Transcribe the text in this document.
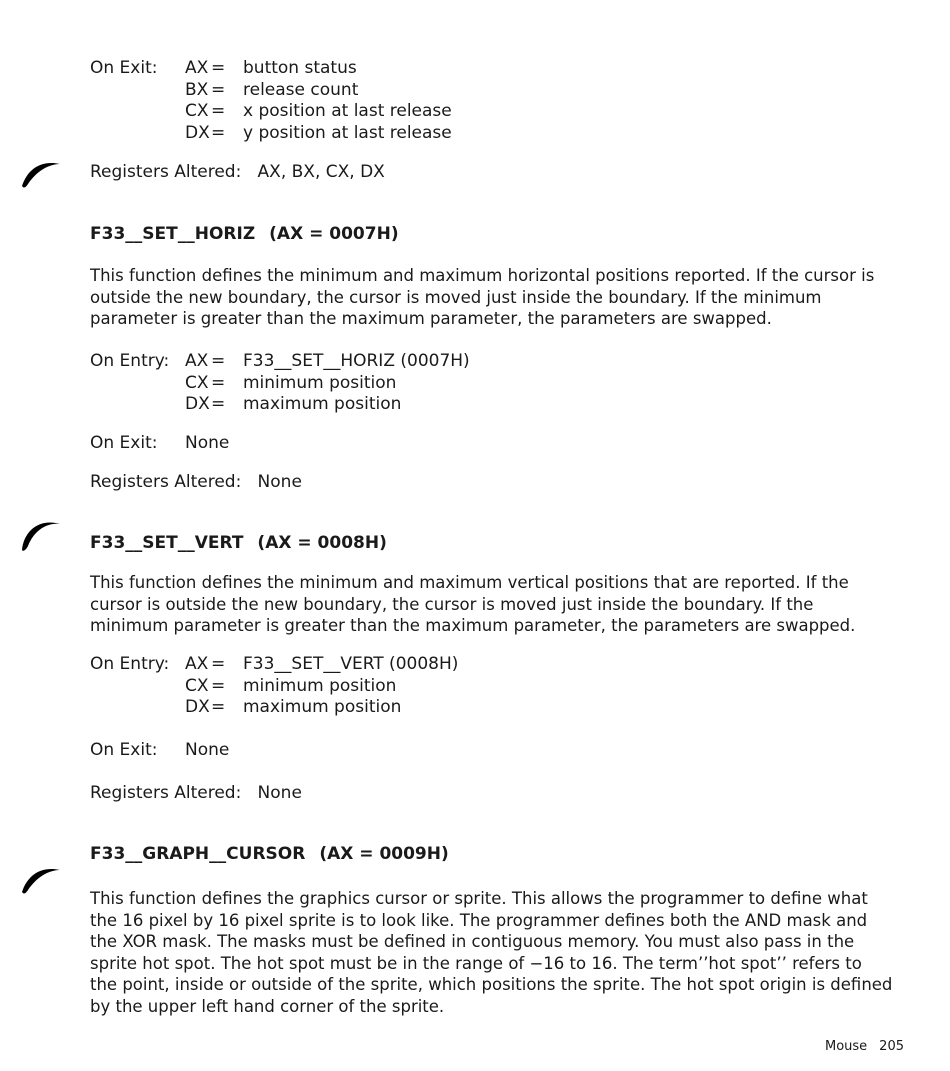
On Exit: AX = button status
BX = release count
CX = x position at last release
DX= y position at last release
Registers Altered: AX, BX, CX, DX
F33__SET__HORIZ (AX = 0007H)
This function defines the minimum and maximum horizontal positions reported. If the cursor is
outside the new boundary, the cursor is moved just inside the boundary. If the minimum
parameter is greater than the maximum parameter, the parameters are swapped.
On Entry: AX = F33__SET__HORIZ (0007H)
CX = minimum position
DX= maximum position
On Exit: None
Registers Altered: None
F33__SET__VERT (AX = 0008H)
This function defines the minimum and maximum vertical positions that are reported. If the
cursor is outside the new boundary, the cursor is moved just inside the boundary. If the
minimum parameter is greater than the maximum parameter, the parameters are swapped.
On Entry: AX = F33__SET__VERT (0008H)
CX = minimum position
DX= maximum position
On Exit: None
Registers Altered: None
F33__GRAPH__CURSOR (AX = 0009H)
This function defines the graphics cursor or sprite. This allows the programmer to define what
the 16 pixel by 16 pixel sprite is to look like. The programmer defines both the AND mask and
the XOR mask. The masks must be defined in contiguous memory. You must also pass in the
sprite hot spot. The hot spot must be in the range of −16 to 16. The term’’hot spot’’ refers to
the point, inside or outside of the sprite, which positions the sprite. The hot spot origin is defined
by the upper left hand corner of the sprite.
Mouse 205
